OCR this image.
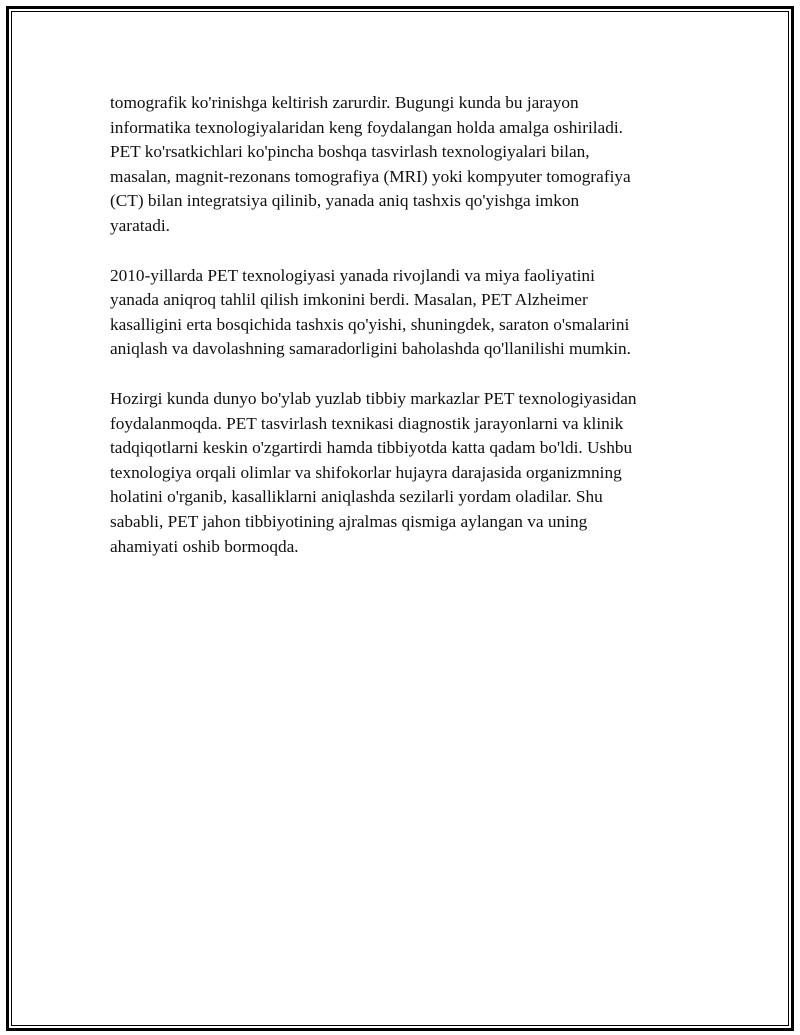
tomografik ko'rinishga keltirish zarurdir. Bugungi kunda bu jarayon
informatika texnologiyalaridan keng foydalangan holda amalga oshiriladi.
PET ko'rsatkichlari ko'pincha boshqa tasvirlash texnologiyalari bilan,
masalan, magnit-rezonans tomografiya (MRI) yoki kompyuter tomografiya
(CT) bilan integratsiya qilinib, yanada aniq tashxis qo'yishga imkon
yaratadi.

2010-yillarda PET texnologiyasi yanada rivojlandi va miya faoliyatini
yanada aniqroq tahlil qilish imkonini berdi. Masalan, PET Alzheimer
kasalligini erta bosqichida tashxis qo'yishi, shuningdek, saraton o'smalarini
aniqlash va davolashning samaradorligini baholashda qo'llanilishi mumkin.

Hozirgi kunda dunyo bo'ylab yuzlab tibbiy markazlar PET texnologiyasidan
foydalanmoqda. PET tasvirlash texnikasi diagnostik jarayonlarni va klinik
tadqiqotlarni keskin o'zgartirdi hamda tibbiyotda katta qadam bo'ldi. Ushbu
texnologiya orqali olimlar va shifokorlar hujayra darajasida organizmning
holatini o'rganib, kasalliklarni aniqlashda sezilarli yordam oladilar. Shu
sababli, PET jahon tibbiyotining ajralmas qismiga aylangan va uning
ahamiyati oshib bormoqda.
